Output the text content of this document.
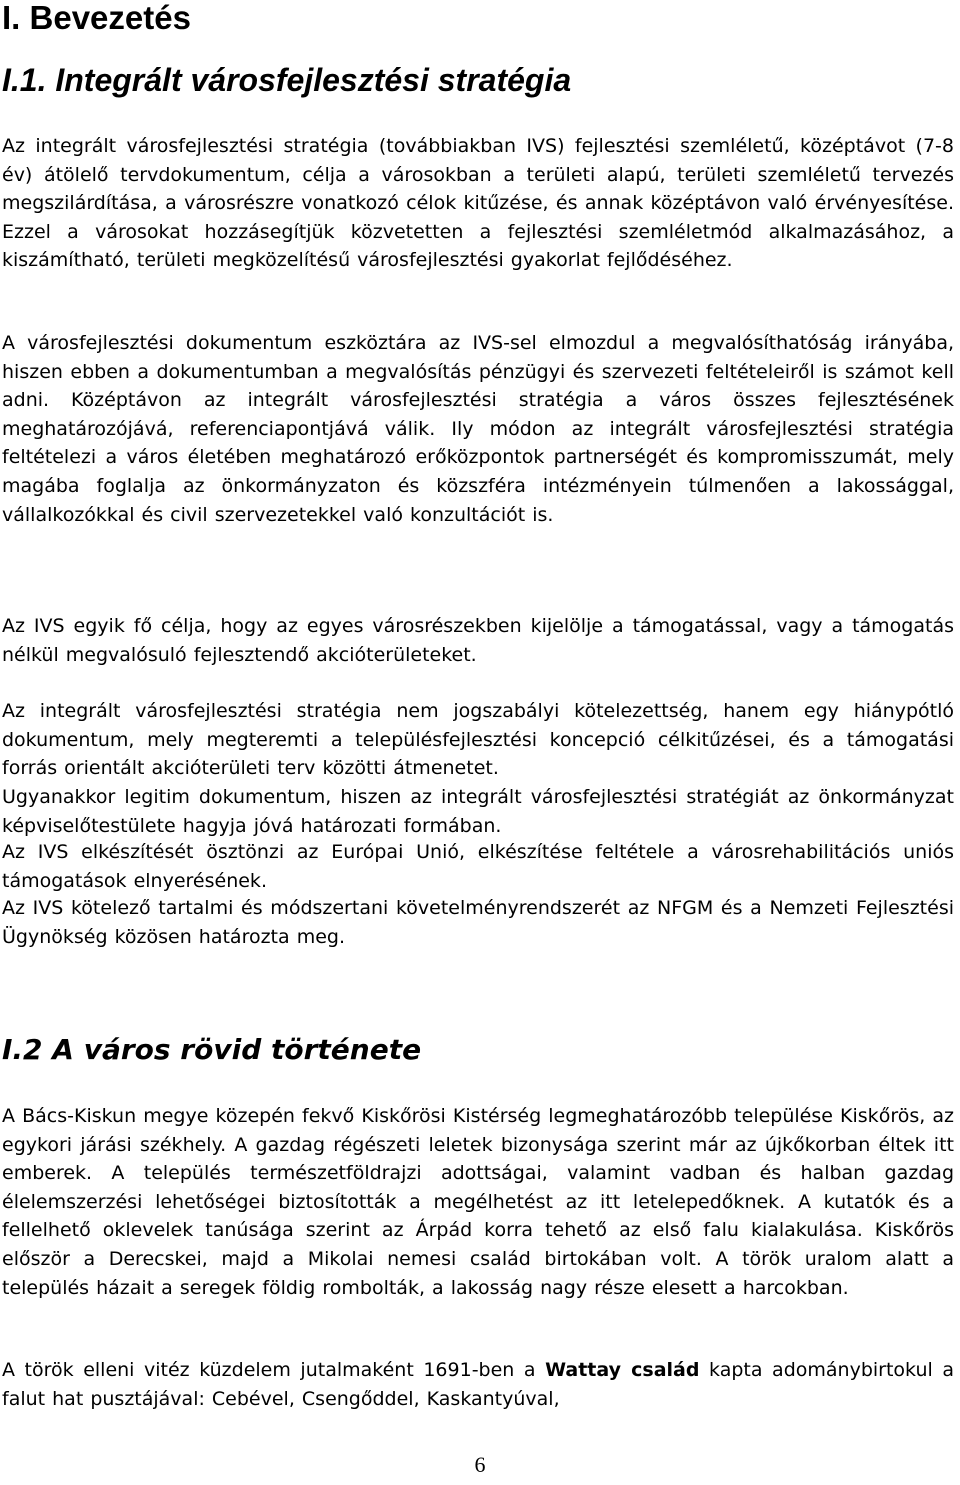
I. Bevezetés
I.1. Integrált városfejlesztési stratégia

Az integrált városfejlesztési stratégia (továbbiakban IVS) fejlesztési szemléletű, középtávot (7-8 év) átölelő tervdokumentum, célja a városokban a területi alapú, területi szemléletű tervezés megszilárdítása, a városrészre vonatkozó célok kitűzése, és annak középtávon való érvényesítése. Ezzel a városokat hozzásegítjük közvetetten a fejlesztési szemléletmód alkalmazásához, a kiszámítható, területi megközelítésű városfejlesztési gyakorlat fejlődéséhez.

A városfejlesztési dokumentum eszköztára az IVS-sel elmozdul a megvalósíthatóság irányába, hiszen ebben a dokumentumban a megvalósítás pénzügyi és szervezeti feltételeiről is számot kell adni. Középtávon az integrált városfejlesztési stratégia a város összes fejlesztésének meghatározójává, referenciapontjává válik. Ily módon az integrált városfejlesztési stratégia feltételezi a város életében meghatározó erőközpontok partnerségét és kompromisszumát, mely magába foglalja az önkormányzaton és közszféra intézményein túlmenően a lakossággal, vállalkozókkal és civil szervezetekkel való konzultációt is.

Az IVS egyik fő célja, hogy az egyes városrészekben kijelölje a támogatással, vagy a támogatás nélkül megvalósuló fejlesztendő akcióterületeket.

Az integrált városfejlesztési stratégia nem jogszabályi kötelezettség, hanem egy hiánypótló dokumentum, mely megteremti a településfejlesztési koncepció célkitűzései, és a támogatási forrás orientált akcióterületi terv közötti átmenetet.

Ugyanakkor legitim dokumentum, hiszen az integrált városfejlesztési stratégiát az önkormányzat képviselőtestülete hagyja jóvá határozati formában.

Az IVS elkészítését ösztönzi az Európai Unió, elkészítése feltétele a városrehabilitációs uniós támogatások elnyerésének.

Az IVS kötelező tartalmi és módszertani követelményrendszerét az NFGM és a Nemzeti Fejlesztési Ügynökség közösen határozta meg.

I.2 A város rövid története

A Bács-Kiskun megye közepén fekvő Kiskőrösi Kistérség legmeghatározóbb települése Kiskőrös, az egykori járási székhely. A gazdag régészeti leletek bizonysága szerint már az újkőkorban éltek itt emberek. A település természetföldrajzi adottságai, valamint vadban és halban gazdag élelemszerzési lehetőségei biztosították a megélhetést az itt letelepedőknek. A kutatók és a fellelhető oklevelek tanúsága szerint az Árpád korra tehető az első falu kialakulása. Kiskőrös először a Derecskei, majd a Mikolai nemesi család birtokában volt. A török uralom alatt a település házait a seregek földig rombolták, a lakosság nagy része elesett a harcokban.

A török elleni vitéz küzdelem jutalmaként 1691-ben a Wattay család kapta adománybirtokul a falut hat pusztájával: Cebével, Csengőddel, Kaskantyúval,

6
